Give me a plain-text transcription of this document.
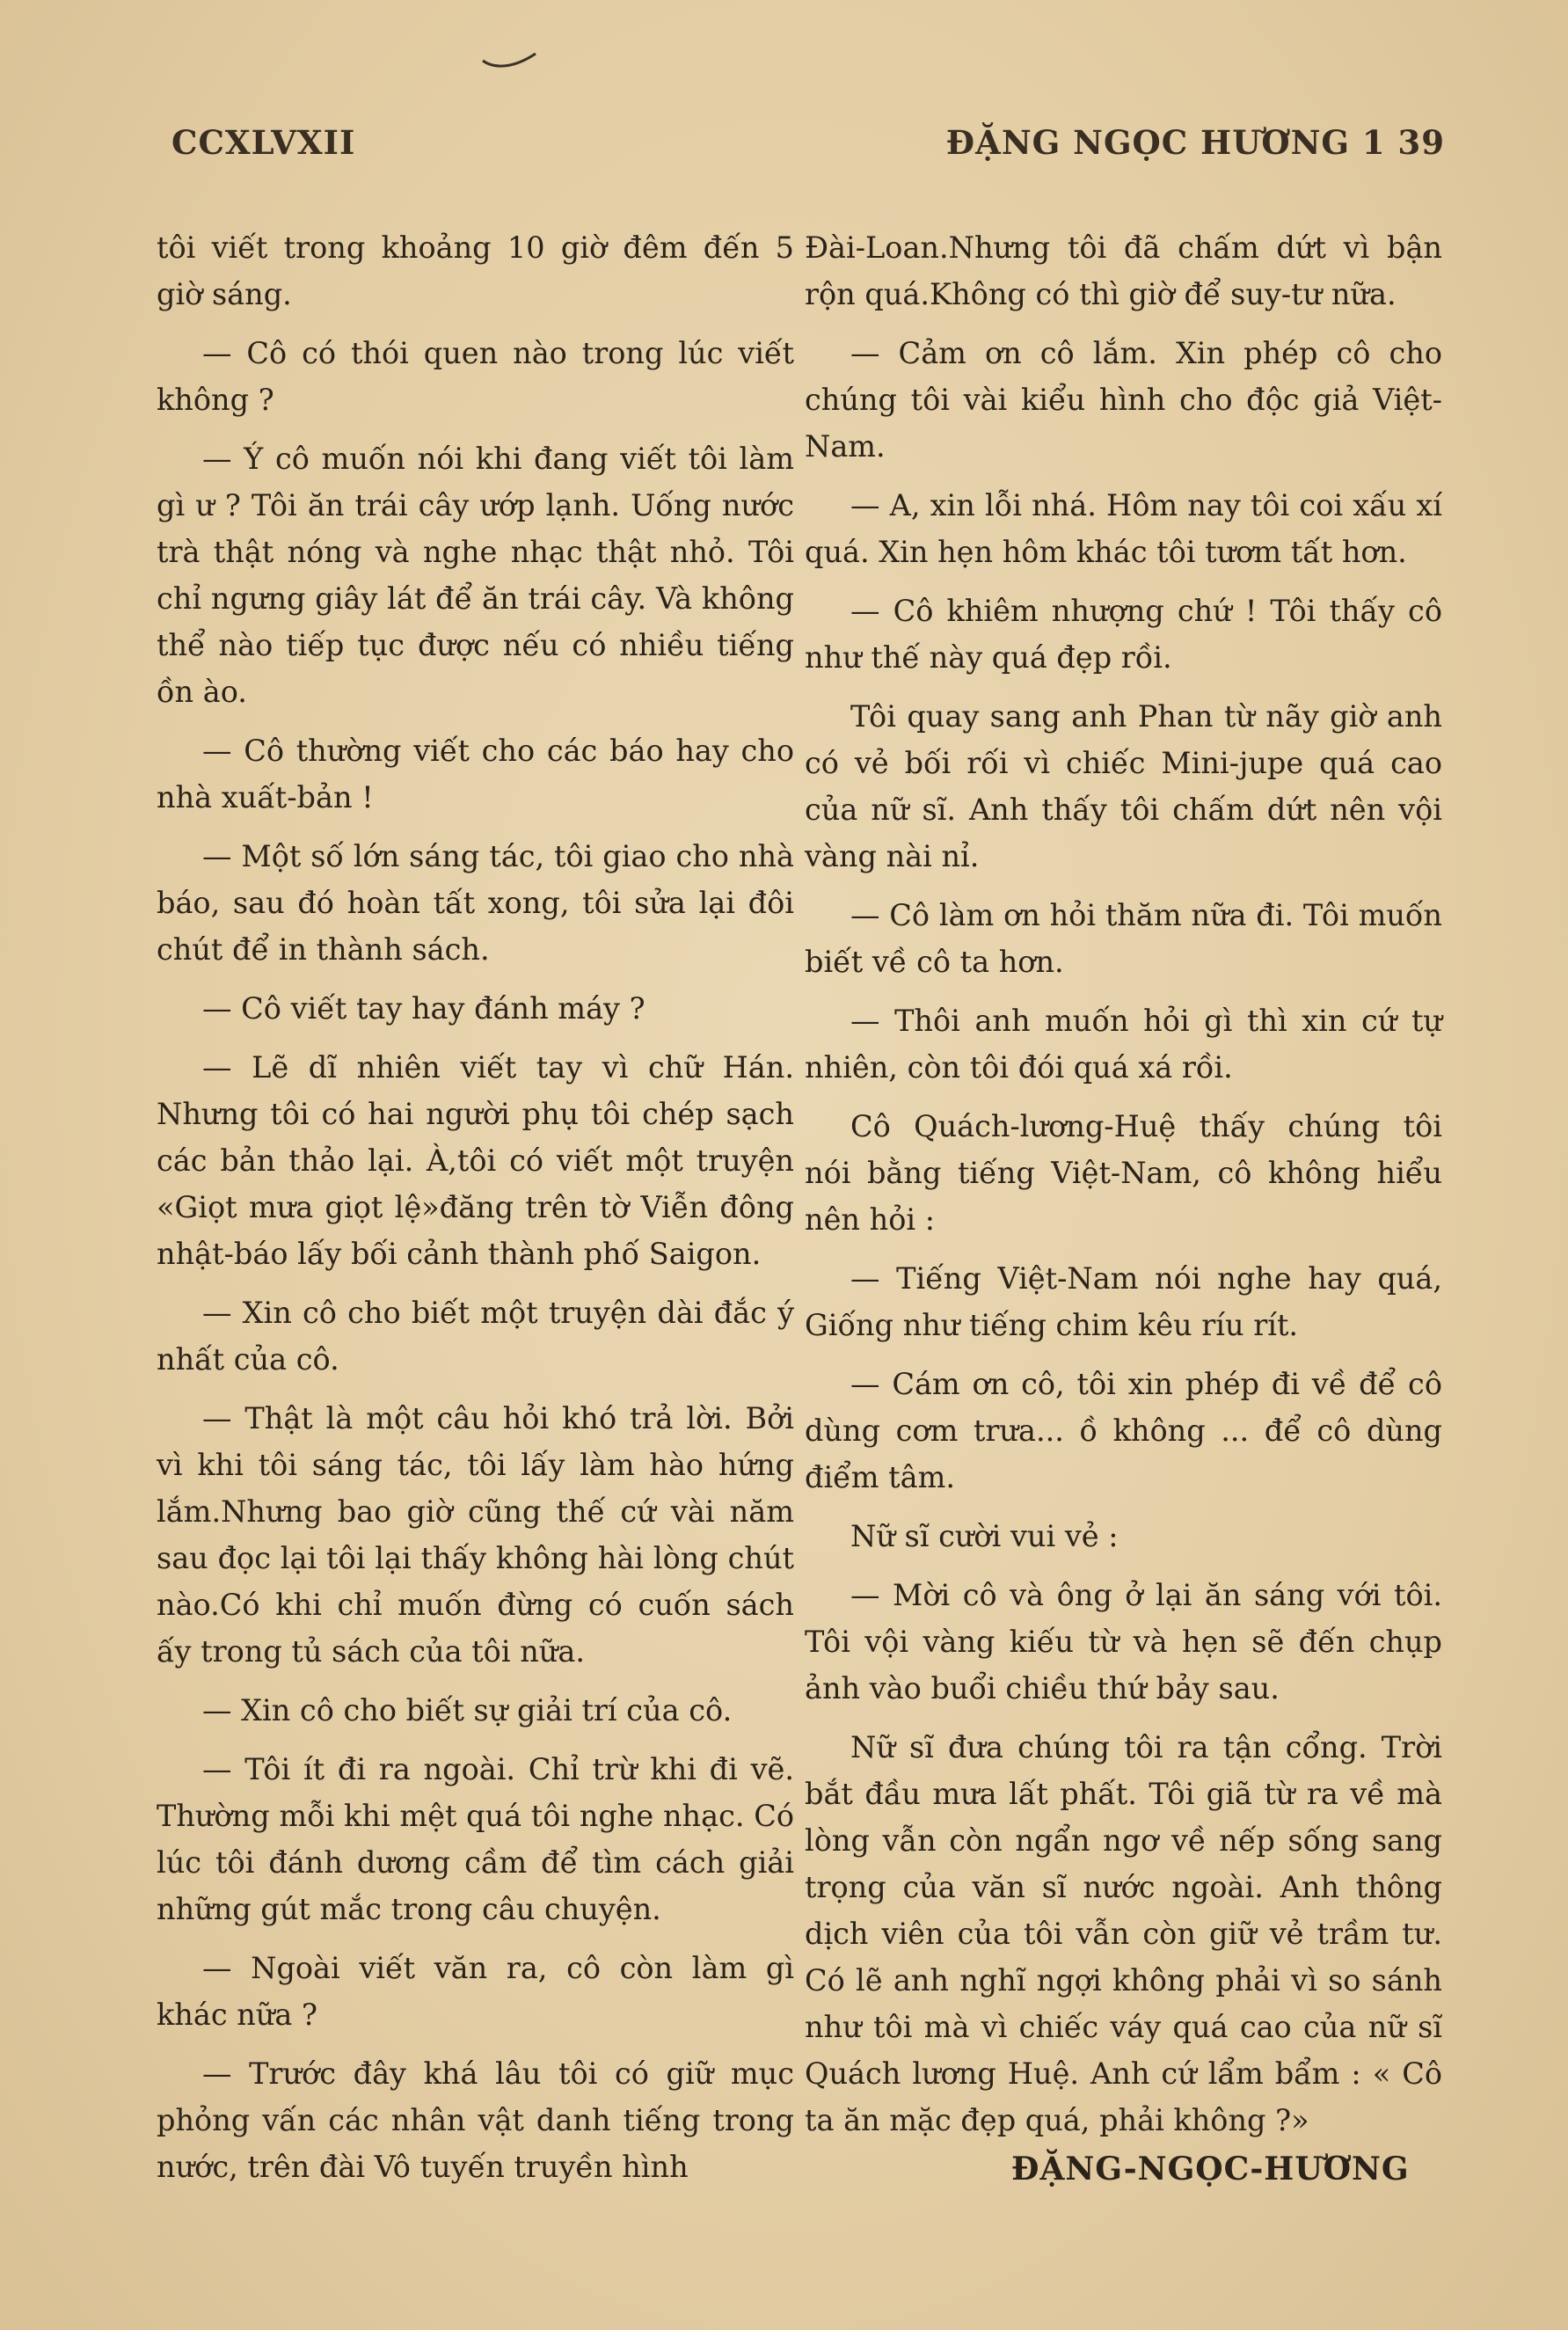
CCXLVXII	ĐẶNG NGỌC HƯƠNG 1 39

tôi viết trong khoảng 10 giờ đêm đến 5 giờ sáng.

— Cô có thói quen nào trong lúc viết không ?

— Ý cô muốn nói khi đang viết tôi làm gì ư ? Tôi ăn trái cây ướp lạnh. Uống nước trà thật nóng và nghe nhạc thật nhỏ. Tôi chỉ ngưng giây lát để ăn trái cây. Và không thể nào tiếp tục được nếu có nhiều tiếng ồn ào.

— Cô thường viết cho các báo hay cho nhà xuất-bản !

— Một số lớn sáng tác, tôi giao cho nhà báo, sau đó hoàn tất xong, tôi sửa lại đôi chút để in thành sách.

— Cô viết tay hay đánh máy ?

— Lẽ dĩ nhiên viết tay vì chữ Hán. Nhưng tôi có hai người phụ tôi chép sạch các bản thảo lại. À,tôi có viết một truyện «Giọt mưa giọt lệ»đăng trên tờ Viễn đông nhật-báo lấy bối cảnh thành phố Saigon.

— Xin cô cho biết một truyện dài đắc ý nhất của cô.

— Thật là một câu hỏi khó trả lời. Bởi vì khi tôi sáng tác, tôi lấy làm hào hứng lắm.Nhưng bao giờ cũng thế cứ vài năm sau đọc lại tôi lại thấy không hài lòng chút nào.Có khi chỉ muốn đừng có cuốn sách ấy trong tủ sách của tôi nữa.

— Xin cô cho biết sự giải trí của cô.

— Tôi ít đi ra ngoài. Chỉ trừ khi đi vẽ. Thường mỗi khi mệt quá tôi nghe nhạc. Có lúc tôi đánh dương cầm để tìm cách giải những gút mắc trong câu chuyện.

— Ngoài viết văn ra, cô còn làm gì khác nữa ?

— Trước đây khá lâu tôi có giữ mục phỏng vấn các nhân vật danh tiếng trong nước, trên đài Vô tuyến truyền hình

Đài-Loan.Nhưng tôi đã chấm dứt vì bận rộn quá.Không có thì giờ để suy-tư nữa.

— Cảm ơn cô lắm. Xin phép cô cho chúng tôi vài kiểu hình cho độc giả Việt-Nam.

— A, xin lỗi nhá. Hôm nay tôi coi xấu xí quá. Xin hẹn hôm khác tôi tươm tất hơn.

— Cô khiêm nhượng chứ ! Tôi thấy cô như thế này quá đẹp rồi.

Tôi quay sang anh Phan từ nãy giờ anh có vẻ bối rối vì chiếc Mini-jupe quá cao của nữ sĩ. Anh thấy tôi chấm dứt nên vội vàng nài nỉ.

— Cô làm ơn hỏi thăm nữa đi. Tôi muốn biết về cô ta hơn.

— Thôi anh muốn hỏi gì thì xin cứ tự nhiên, còn tôi đói quá xá rồi.

Cô Quách-lương-Huệ thấy chúng tôi nói bằng tiếng Việt-Nam, cô không hiểu nên hỏi :

— Tiếng Việt-Nam nói nghe hay quá, Giống như tiếng chim kêu ríu rít.

— Cám ơn cô, tôi xin phép đi về để cô dùng cơm trưa... ồ không ... để cô dùng điểm tâm.

Nữ sĩ cười vui vẻ :

— Mời cô và ông ở lại ăn sáng với tôi. Tôi vội vàng kiếu từ và hẹn sẽ đến chụp ảnh vào buổi chiều thứ bảy sau.

Nữ sĩ đưa chúng tôi ra tận cổng. Trời bắt đầu mưa lất phất. Tôi giã từ ra về mà lòng vẫn còn ngẩn ngơ về nếp sống sang trọng của văn sĩ nước ngoài. Anh thông dịch viên của tôi vẫn còn giữ vẻ trầm tư. Có lẽ anh nghĩ ngợi không phải vì so sánh như tôi mà vì chiếc váy quá cao của nữ sĩ Quách lương Huệ. Anh cứ lẩm bẩm : « Cô ta ăn mặc đẹp quá, phải không ?»

ĐẶNG-NGỌC-HƯƠNG
